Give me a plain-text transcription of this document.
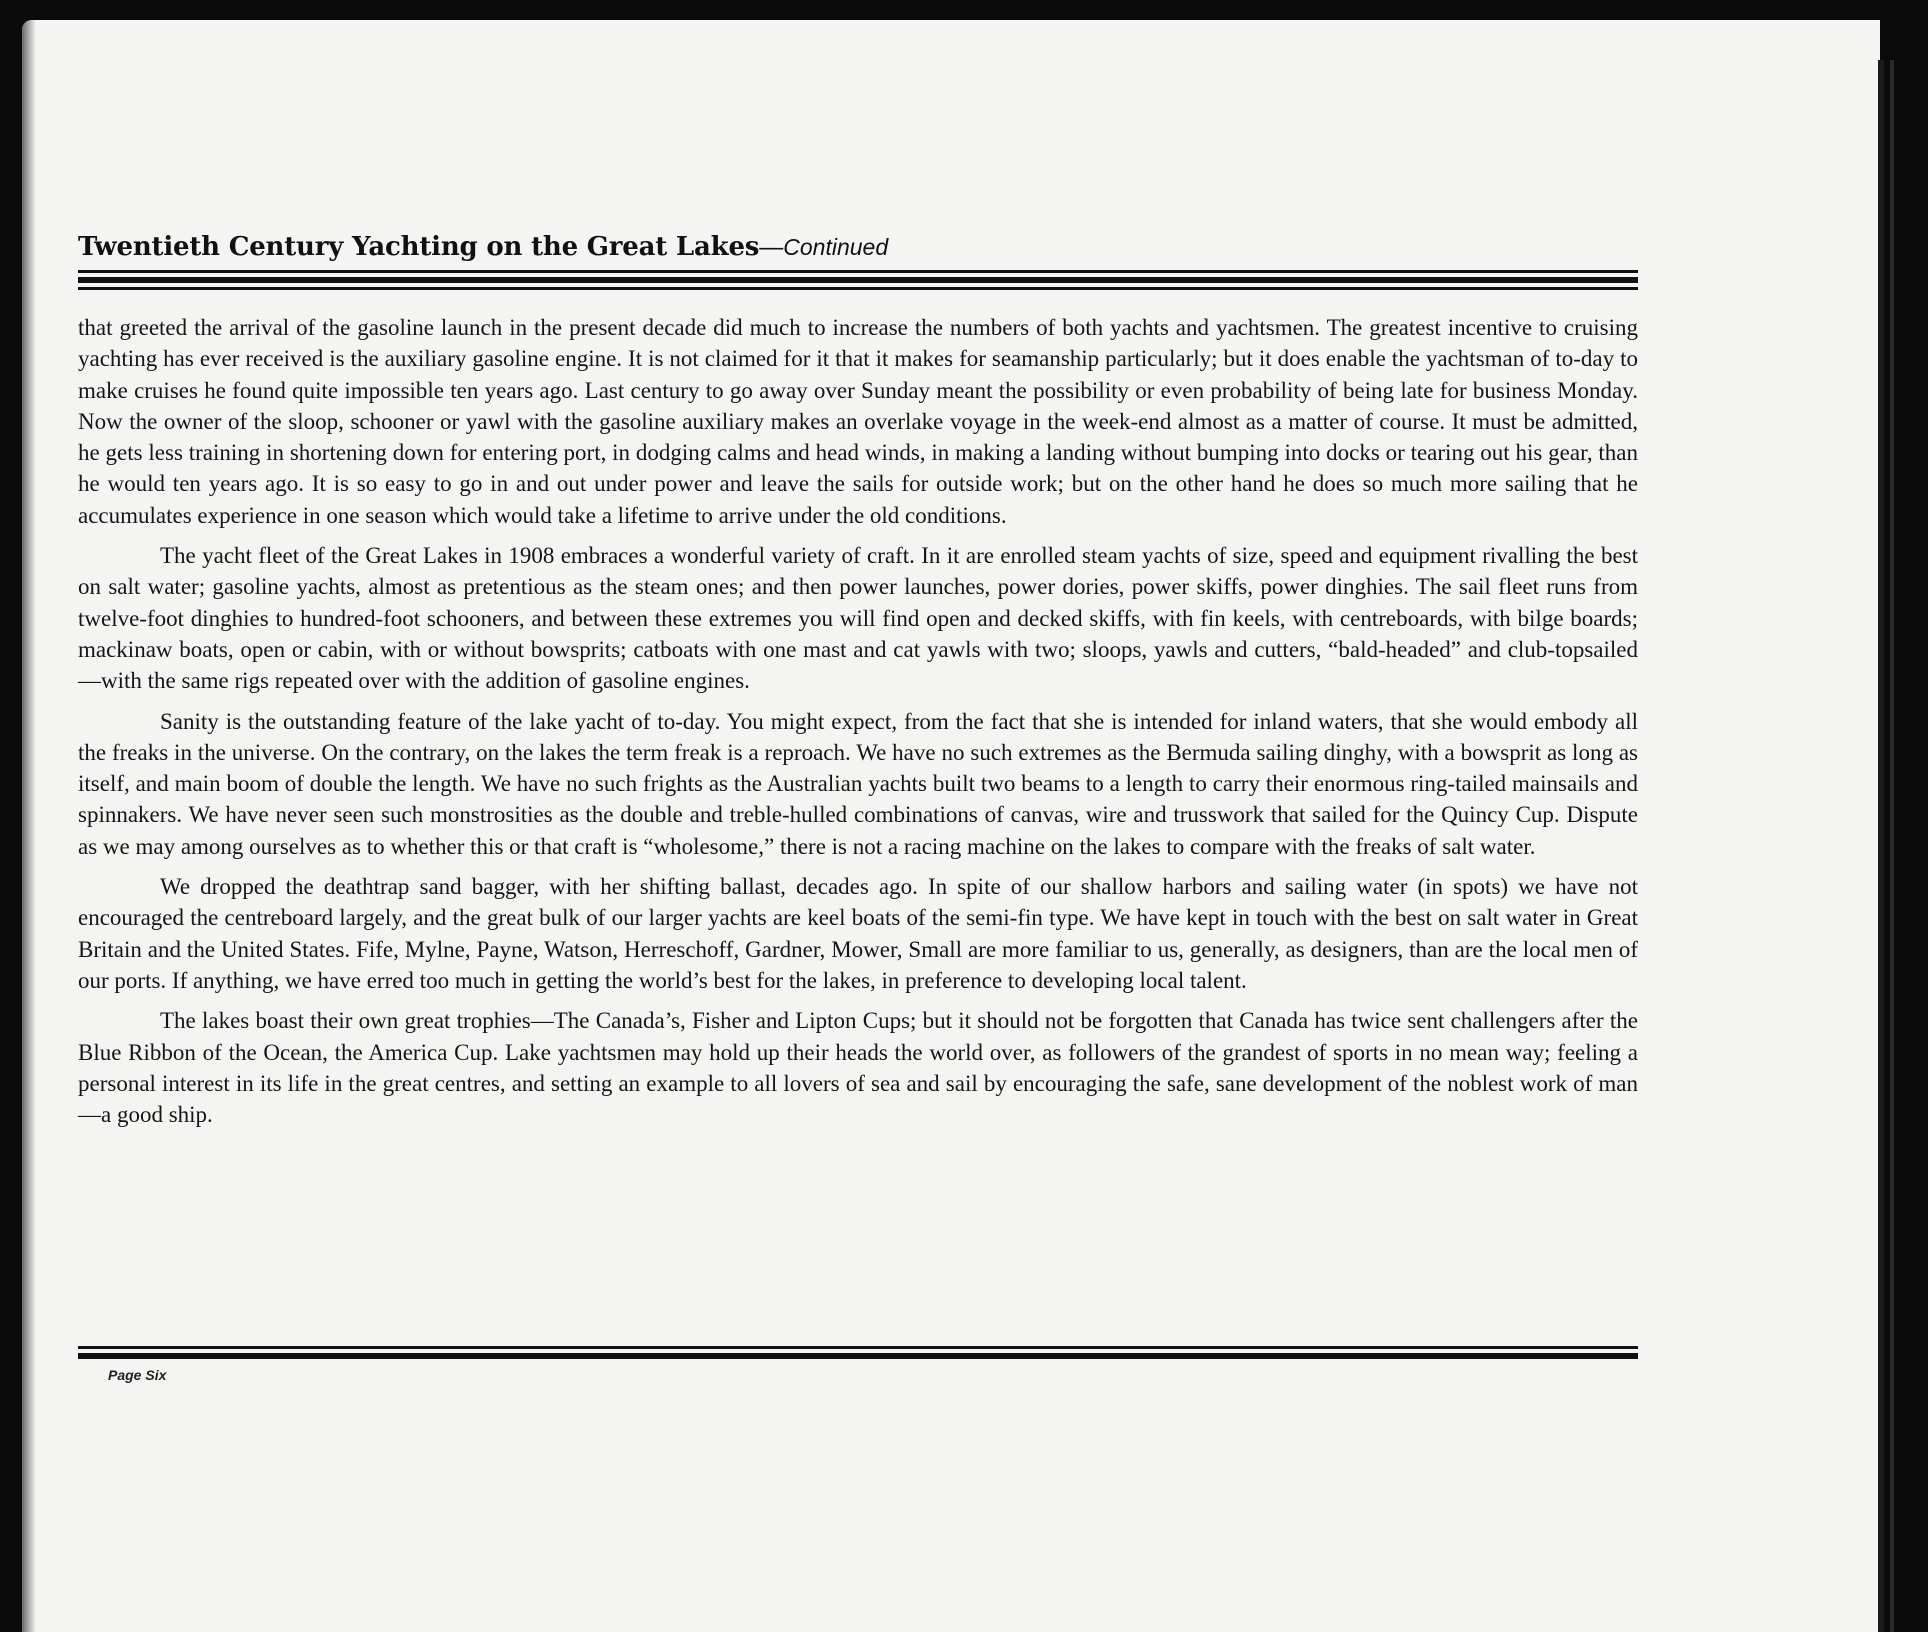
Twentieth Century Yachting on the Great Lakes—Continued

that greeted the arrival of the gasoline launch in the present decade did much to increase the numbers of both yachts and yachtsmen. The greatest incentive to cruising yachting has ever received is the auxiliary gasoline engine. It is not claimed for it that it makes for seamanship particularly; but it does enable the yachtsman of to-day to make cruises he found quite impossible ten years ago. Last century to go away over Sunday meant the possibility or even probability of being late for business Monday. Now the owner of the sloop, schooner or yawl with the gasoline auxiliary makes an overlake voyage in the week-end almost as a matter of course. It must be admitted, he gets less training in shortening down for entering port, in dodging calms and head winds, in making a landing without bumping into docks or tearing out his gear, than he would ten years ago. It is so easy to go in and out under power and leave the sails for outside work; but on the other hand he does so much more sailing that he accumulates experience in one season which would take a lifetime to arrive under the old conditions.

The yacht fleet of the Great Lakes in 1908 embraces a wonderful variety of craft. In it are enrolled steam yachts of size, speed and equipment rivalling the best on salt water; gasoline yachts, almost as pretentious as the steam ones; and then power launches, power dories, power skiffs, power dinghies. The sail fleet runs from twelve-foot dinghies to hundred-foot schooners, and between these extremes you will find open and decked skiffs, with fin keels, with centreboards, with bilge boards; mackinaw boats, open or cabin, with or without bowsprits; catboats with one mast and cat yawls with two; sloops, yawls and cutters, “bald-headed” and club-topsailed —with the same rigs repeated over with the addition of gasoline engines.

Sanity is the outstanding feature of the lake yacht of to-day. You might expect, from the fact that she is intended for inland waters, that she would embody all the freaks in the universe. On the contrary, on the lakes the term freak is a reproach. We have no such extremes as the Bermuda sailing dinghy, with a bowsprit as long as itself, and main boom of double the length. We have no such frights as the Australian yachts built two beams to a length to carry their enormous ring-tailed mainsails and spinnakers. We have never seen such monstrosities as the double and treble-hulled combinations of canvas, wire and trusswork that sailed for the Quincy Cup. Dispute as we may among ourselves as to whether this or that craft is “wholesome,” there is not a racing machine on the lakes to compare with the freaks of salt water.

We dropped the deathtrap sand bagger, with her shifting ballast, decades ago. In spite of our shallow harbors and sailing water (in spots) we have not encouraged the centreboard largely, and the great bulk of our larger yachts are keel boats of the semi-fin type. We have kept in touch with the best on salt water in Great Britain and the United States. Fife, Mylne, Payne, Watson, Herreschoff, Gardner, Mower, Small are more familiar to us, generally, as designers, than are the local men of our ports. If anything, we have erred too much in getting the world’s best for the lakes, in preference to developing local talent.

The lakes boast their own great trophies—The Canada’s, Fisher and Lipton Cups; but it should not be forgotten that Canada has twice sent challengers after the Blue Ribbon of the Ocean, the America Cup. Lake yachtsmen may hold up their heads the world over, as followers of the grandest of sports in no mean way; feeling a personal interest in its life in the great centres, and setting an example to all lovers of sea and sail by encouraging the safe, sane development of the noblest work of man—a good ship.

Page Six
